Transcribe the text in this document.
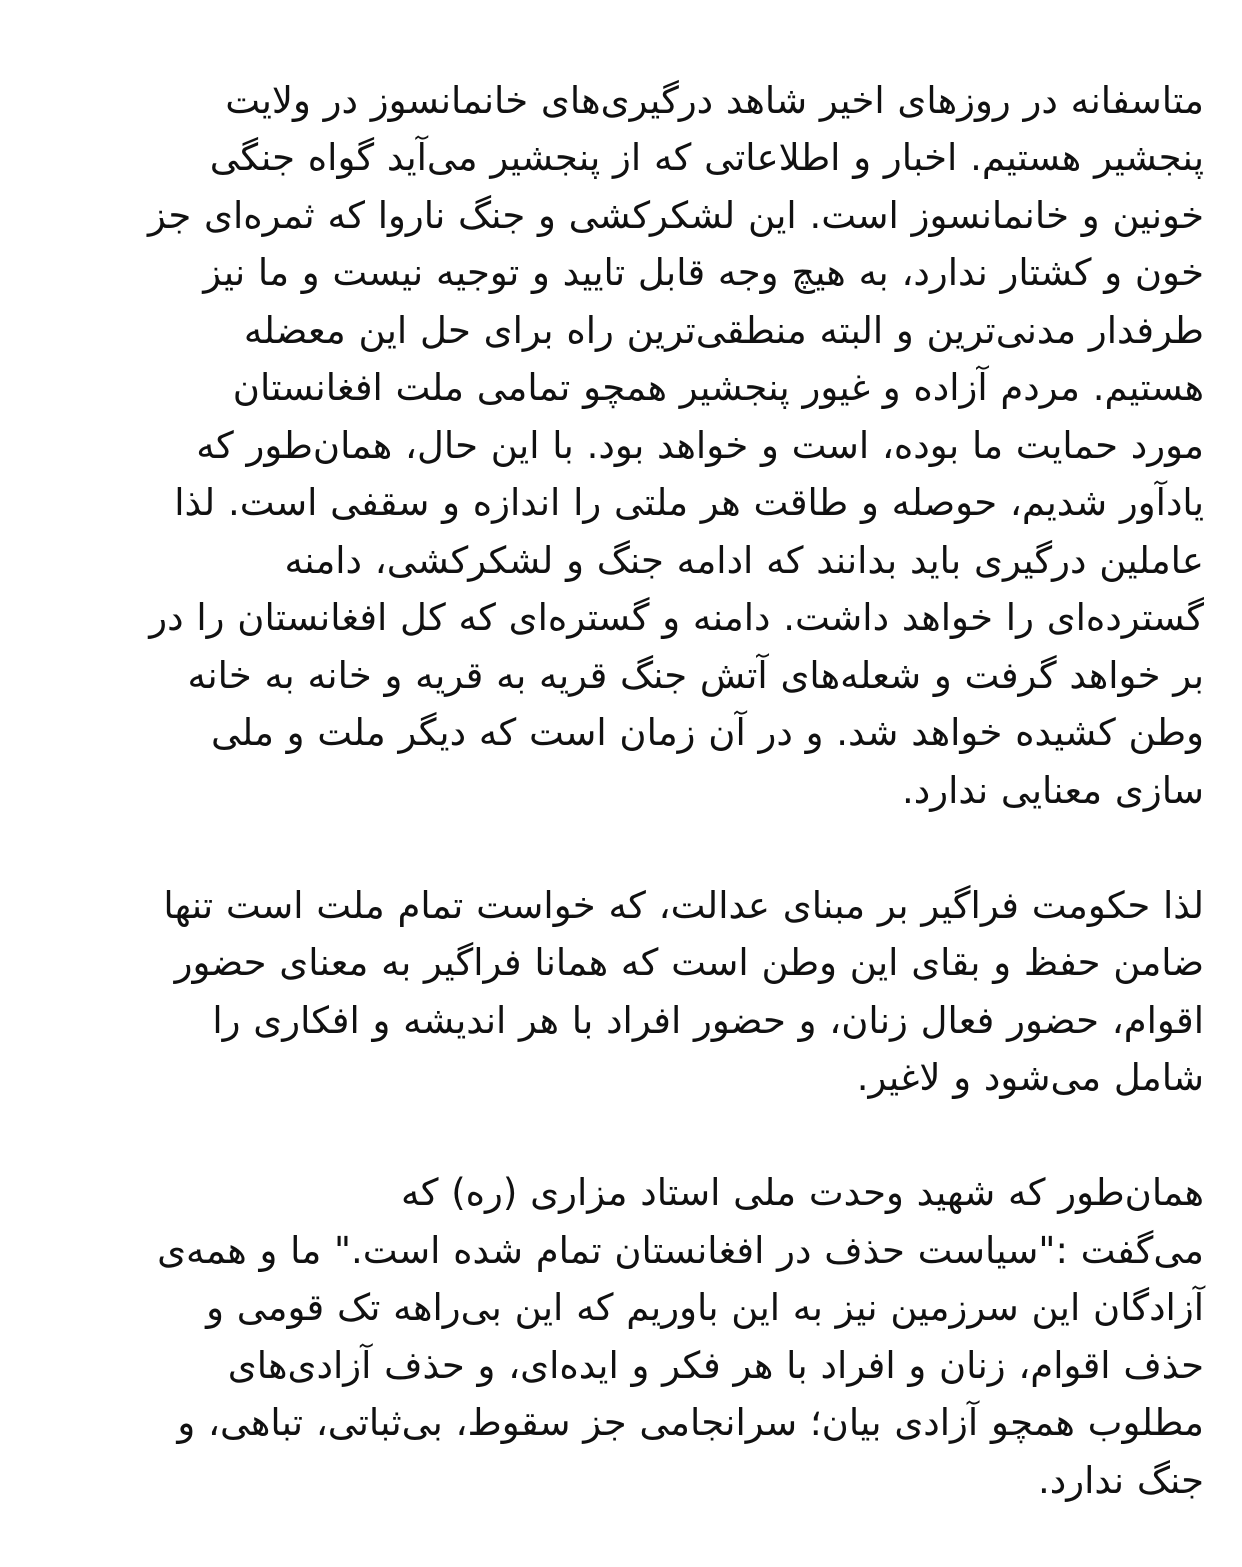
متاسفانه در روزهای اخیر شاهد درگیری‌های خانمانسوز در ولایت
پنجشیر هستیم. اخبار و اطلاعاتی که از پنجشیر می‌آید گواه جنگی
خونین و خانمانسوز است. این لشکرکشی و جنگ ناروا که ثمره‌ای جز
خون و کشتار ندارد، به هیچ وجه قابل تایید و توجیه نیست و ما نیز
طرفدار مدنی‌ترین و البته منطقی‌ترین راه برای حل این معضله
هستیم. مردم آزاده و غیور پنجشیر همچو تمامی ملت افغانستان
مورد حمایت ما بوده، است و خواهد بود. با این حال، همان‌طور که
یادآور شدیم، حوصله و طاقت هر ملتی را اندازه و سقفی است. لذا
عاملین درگیری باید بدانند که ادامه جنگ و لشکرکشی، دامنه
گسترده‌ای را خواهد داشت. دامنه و گستره‌ای که کل افغانستان را در
بر خواهد گرفت و شعله‌های آتش جنگ قریه به قریه و خانه به خانه
وطن کشیده خواهد شد. و در آن زمان است که دیگر ملت و ملی
سازی معنایی ندارد.

لذا حکومت فراگیر بر مبنای عدالت، که خواست تمام ملت است تنها
ضامن حفظ و بقای این وطن است که همانا فراگیر به معنای حضور
اقوام، حضور فعال زنان، و حضور افراد با هر اندیشه و افکاری را
شامل می‌شود و لاغیر.

همان‌طور که شهید وحدت ملی استاد مزاری (ره) که
می‌گفت :"سیاست حذف در افغانستان تمام شده است." ما و همه‌ی
آزادگان این سرزمین نیز به این باوریم که این بی‌راهه تک قومی و
حذف اقوام، زنان و افراد با هر فکر و ایده‌ای، و حذف آزادی‌های
مطلوب همچو آزادی بیان؛ سرانجامی جز سقوط، بی‌ثباتی، تباهی، و
جنگ ندارد.
